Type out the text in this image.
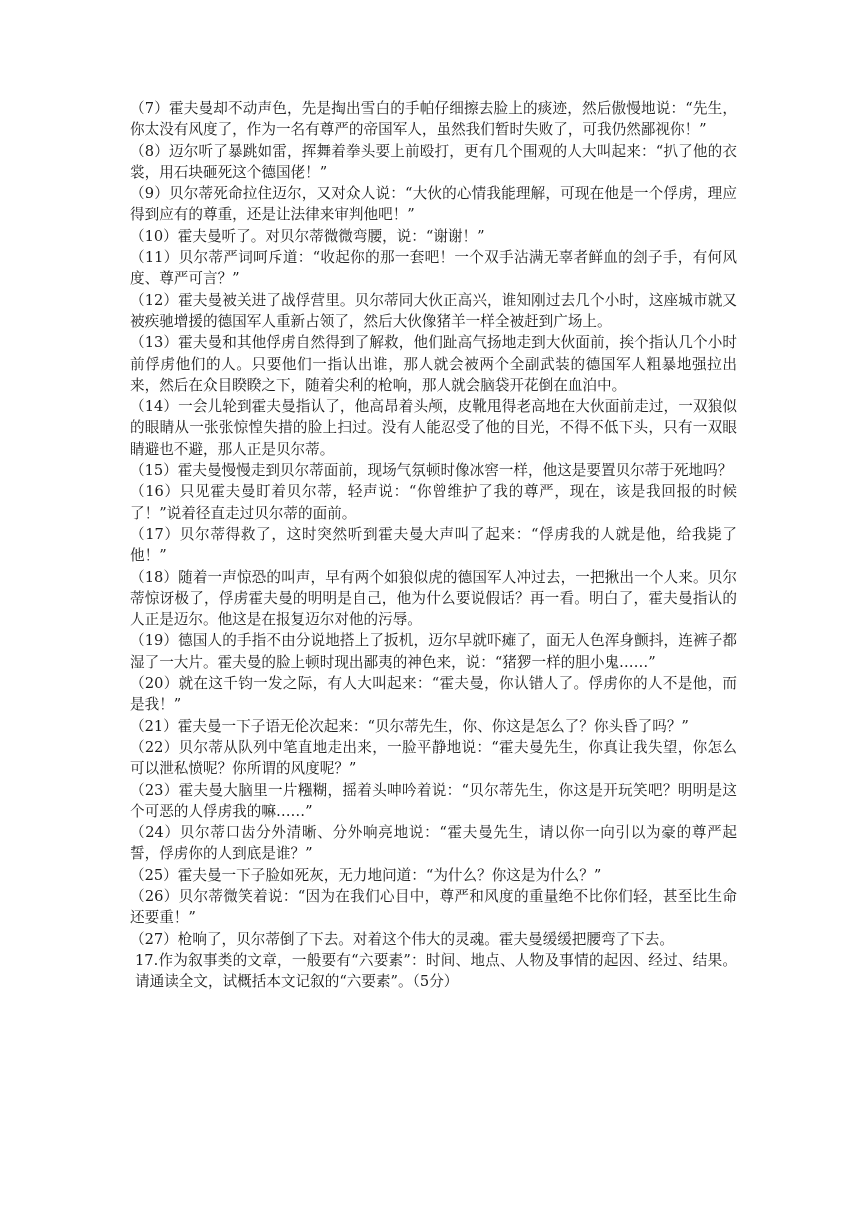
（7）霍夫曼却不动声色，先是掏出雪白的手帕仔细擦去脸上的痰迹，然后傲慢地说：“先生，你太没有风度了，作为一名有尊严的帝国军人，虽然我们暂时失败了，可我仍然鄙视你！”

（8）迈尔听了暴跳如雷，挥舞着拳头要上前殴打，更有几个围观的人大叫起来：“扒了他的衣裳，用石块砸死这个德国佬！”

（9）贝尔蒂死命拉住迈尔，又对众人说：“大伙的心情我能理解，可现在他是一个俘虏，理应得到应有的尊重，还是让法律来审判他吧！”

（10）霍夫曼听了。对贝尔蒂微微弯腰，说：“谢谢！”

（11）贝尔蒂严词呵斥道：“收起你的那一套吧！一个双手沾满无辜者鲜血的刽子手，有何风度、尊严可言？”

（12）霍夫曼被关进了战俘营里。贝尔蒂同大伙正高兴，谁知刚过去几个小时，这座城市就又被疾驰增援的德国军人重新占领了，然后大伙像猪羊一样全被赶到广场上。

（13）霍夫曼和其他俘虏自然得到了解救，他们趾高气扬地走到大伙面前，挨个指认几个小时前俘虏他们的人。只要他们一指认出谁，那人就会被两个全副武装的德国军人粗暴地强拉出来，然后在众目睽睽之下，随着尖利的枪响，那人就会脑袋开花倒在血泊中。

（14）一会儿轮到霍夫曼指认了，他高昂着头颅，皮靴甩得老高地在大伙面前走过，一双狼似的眼睛从一张张惊惶失措的脸上扫过。没有人能忍受了他的目光，不得不低下头，只有一双眼睛避也不避，那人正是贝尔蒂。

（15）霍夫曼慢慢走到贝尔蒂面前，现场气氛顿时像冰窖一样，他这是要置贝尔蒂于死地吗？

（16）只见霍夫曼盯着贝尔蒂，轻声说：“你曾维护了我的尊严，现在，该是我回报的时候了！”说着径直走过贝尔蒂的面前。

（17）贝尔蒂得救了，这时突然听到霍夫曼大声叫了起来：“俘虏我的人就是他，给我毙了他！”

（18）随着一声惊恐的叫声，早有两个如狼似虎的德国军人冲过去，一把揪出一个人来。贝尔蒂惊讶极了，俘虏霍夫曼的明明是自己，他为什么要说假话？再一看。明白了，霍夫曼指认的人正是迈尔。他这是在报复迈尔对他的污辱。

（19）德国人的手指不由分说地搭上了扳机，迈尔早就吓瘫了，面无人色浑身颤抖，连裤子都湿了一大片。霍夫曼的脸上顿时现出鄙夷的神色来，说：“猪猡一样的胆小鬼……”

（20）就在这千钧一发之际，有人大叫起来：“霍夫曼，你认错人了。俘虏你的人不是他，而是我！”

（21）霍夫曼一下子语无伦次起来：“贝尔蒂先生，你、你这是怎么了？你头昏了吗？”

（22）贝尔蒂从队列中笔直地走出来，一脸平静地说：“霍夫曼先生，你真让我失望，你怎么可以泄私愤呢？你所谓的风度呢？”

（23）霍夫曼大脑里一片糨糊，摇着头呻吟着说：“贝尔蒂先生，你这是开玩笑吧？明明是这个可恶的人俘虏我的嘛……”

（24）贝尔蒂口齿分外清晰、分外响亮地说：“霍夫曼先生，请以你一向引以为豪的尊严起誓，俘虏你的人到底是谁？”

（25）霍夫曼一下子脸如死灰，无力地问道：“为什么？你这是为什么？”

（26）贝尔蒂微笑着说：“因为在我们心目中，尊严和风度的重量绝不比你们轻，甚至比生命还要重！”

（27）枪响了，贝尔蒂倒了下去。对着这个伟大的灵魂。霍夫曼缓缓把腰弯了下去。

17.作为叙事类的文章，一般要有“六要素”：时间、地点、人物及事情的起因、经过、结果。请通读全文，试概括本文记叙的“六要素”。（5分）
